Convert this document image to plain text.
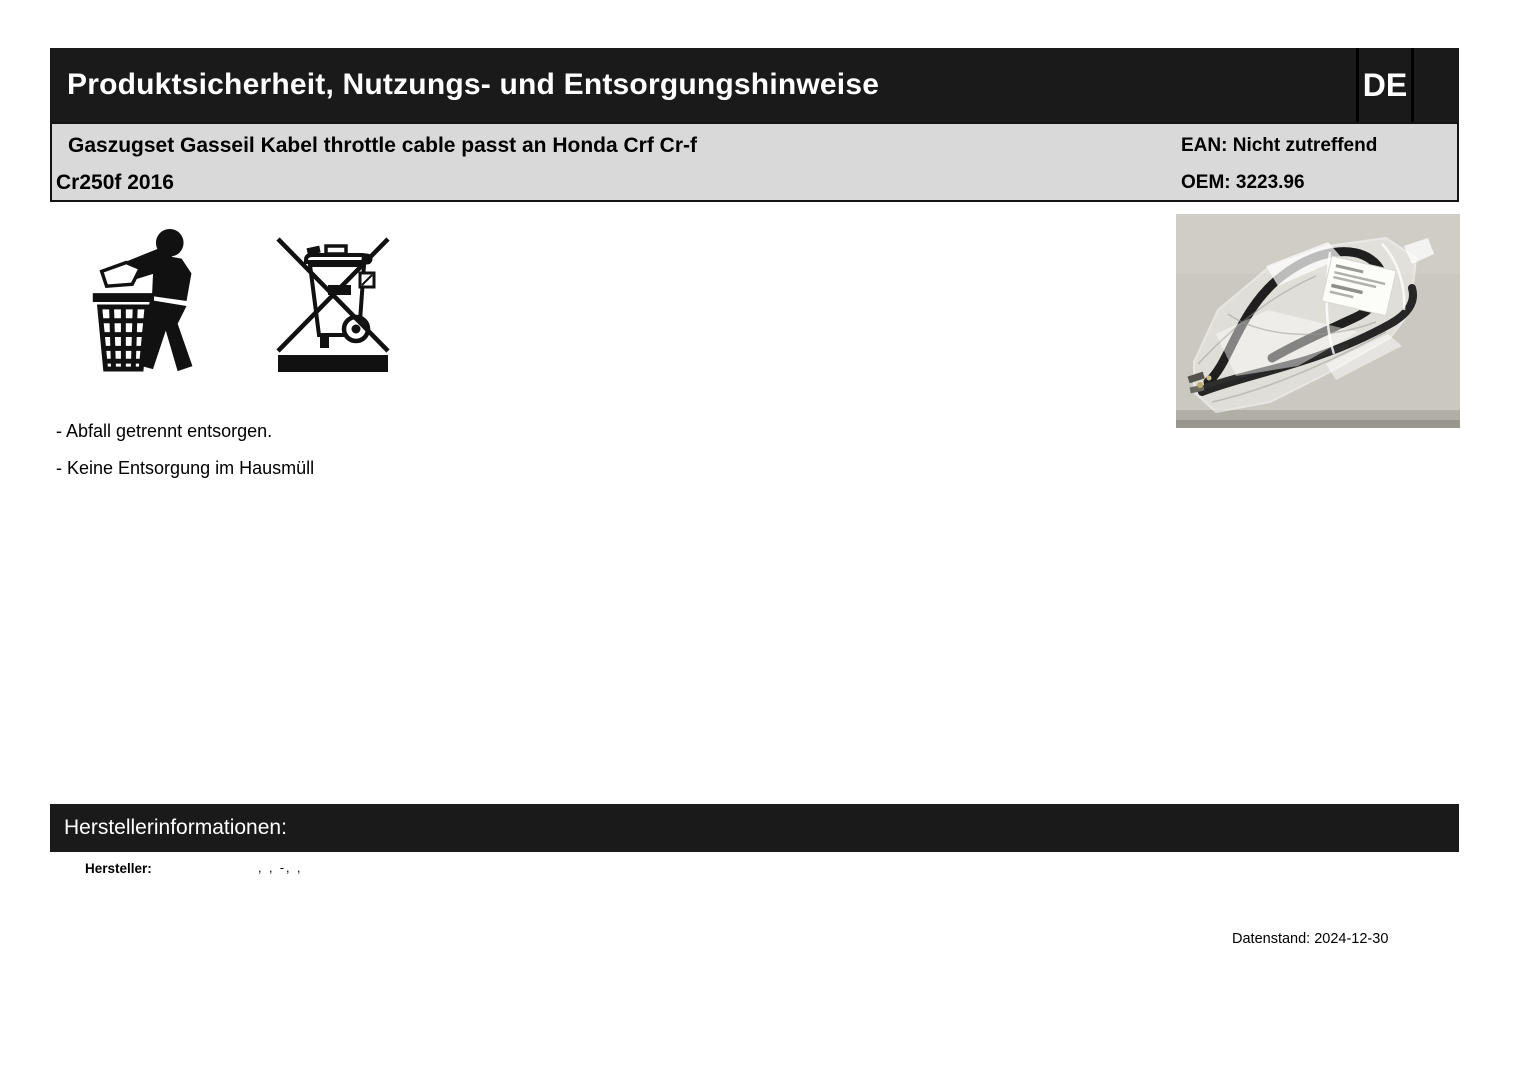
Produktsicherheit, Nutzungs- und Entsorgungshinweise	DE
Gaszugset Gasseil Kabel throttle cable passt an Honda Crf Cr-f
Cr250f 2016
EAN: Nicht zutreffend
OEM: 3223.96
- Abfall getrennt entsorgen.
- Keine Entsorgung im Hausmüll
Herstellerinformationen:
Hersteller:	, , -, ,
Datenstand: 2024-12-30
